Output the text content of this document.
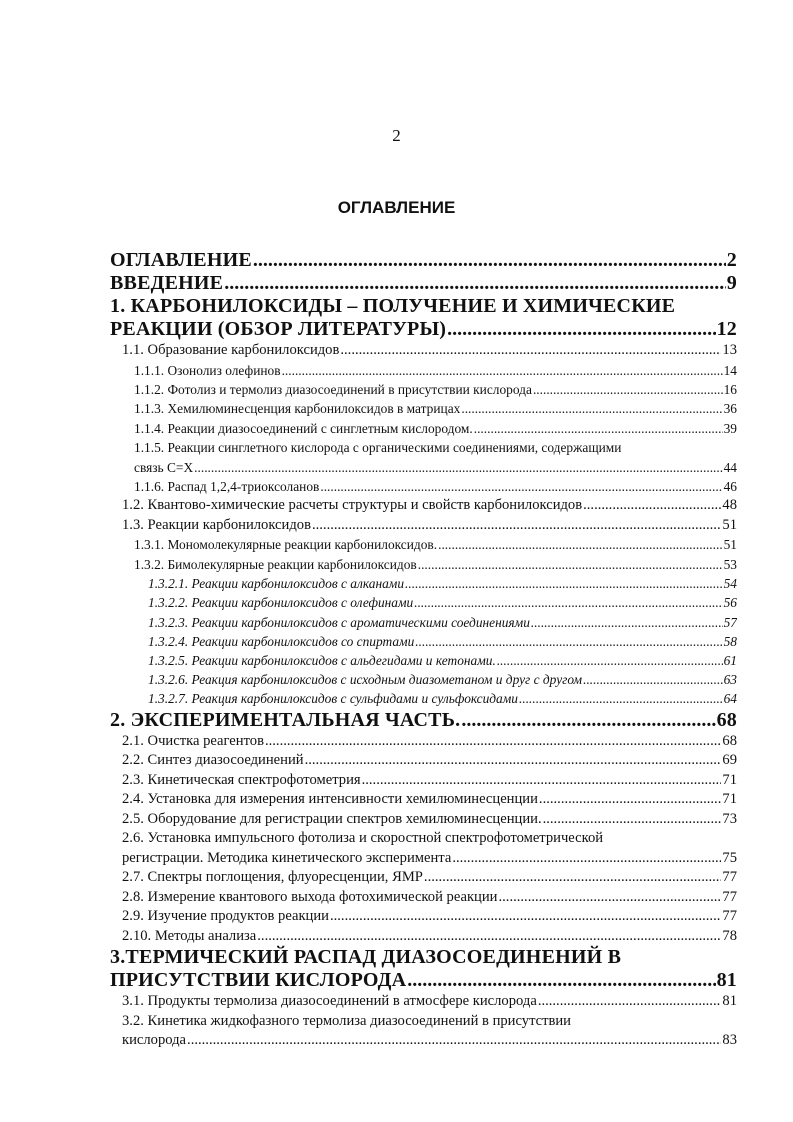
2
ОГЛАВЛЕНИЕ
ОГЛАВЛЕНИЕ .....	2
ВВЕДЕНИЕ .....	9
1. КАРБОНИЛОКСИДЫ – ПОЛУЧЕНИЕ И ХИМИЧЕСКИЕ
РЕАКЦИИ (ОБЗОР ЛИТЕРАТУРЫ) .....	12
1.1. Образование карбонилоксидов .....	13
1.1.1. Озонолиз олефинов .....	14
1.1.2. Фотолиз и термолиз диазосоединений в присутствии кислорода .....	16
1.1.3. Хемилюминесценция карбонилоксидов в матрицах .....	36
1.1.4. Реакции диазосоединений с синглетным кислородом. .....	39
1.1.5. Реакции синглетного кислорода с органическими соединениями, содержащими
связь С=Х .....	44
1.1.6. Распад 1,2,4-триоксоланов .....	46
1.2. Квантово-химические расчеты структуры и свойств карбонилоксидов .....	48
1.3. Реакции карбонилоксидов .....	51
1.3.1. Мономолекулярные реакции карбонилоксидов. .....	51
1.3.2. Бимолекулярные реакции карбонилоксидов .....	53
1.3.2.1. Реакции карбонилоксидов с алканами .....	54
1.3.2.2. Реакции карбонилоксидов с олефинами .....	56
1.3.2.3. Реакции карбонилоксидов с ароматическими соединениями .....	57
1.3.2.4. Реакции карбонилоксидов со спиртами .....	58
1.3.2.5. Реакции карбонилоксидов с альдегидами и кетонами. .....	61
1.3.2.6. Реакция карбонилоксидов с исходным диазометаном и друг с другом .....	63
1.3.2.7. Реакция карбонилоксидов с сульфидами и сульфоксидами .....	64
2. ЭКСПЕРИМЕНТАЛЬНАЯ ЧАСТЬ. .....	68
2.1. Очистка реагентов .....	68
2.2. Синтез диазосоединений .....	69
2.3. Кинетическая спектрофотометрия .....	71
2.4. Установка для измерения интенсивности хемилюминесценции .....	71
2.5. Оборудование для регистрации спектров хемилюминесценции. .....	73
2.6. Установка импульсного фотолиза и скоростной спектрофотометрической
регистрации. Методика кинетического эксперимента .....	75
2.7. Спектры поглощения, флуоресценции, ЯМР .....	77
2.8. Измерение квантового выхода фотохимической реакции .....	77
2.9. Изучение продуктов реакции .....	77
2.10. Методы анализа .....	78
3.ТЕРМИЧЕСКИЙ РАСПАД ДИАЗОСОЕДИНЕНИЙ В
ПРИСУТСТВИИ КИСЛОРОДА .....	81
3.1. Продукты термолиза диазосоединений в атмосфере кислорода .....	81
3.2. Кинетика жидкофазного термолиза диазосоединений в присутствии
кислорода .....	83
